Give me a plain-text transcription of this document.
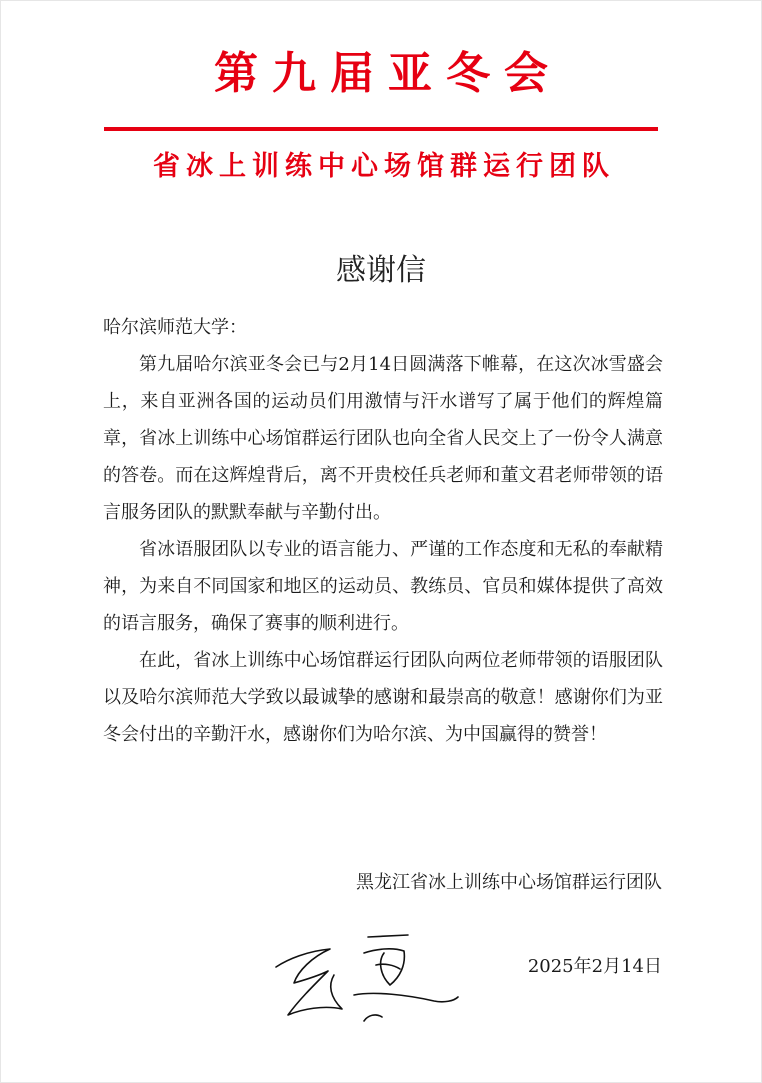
第九届亚冬会
省冰上训练中心场馆群运行团队
感谢信

哈尔滨师范大学：

第九届哈尔滨亚冬会已与2月14日圆满落下帷幕，在这次冰雪盛会上，来自亚洲各国的运动员们用激情与汗水谱写了属于他们的辉煌篇章，省冰上训练中心场馆群运行团队也向全省人民交上了一份令人满意的答卷。而在这辉煌背后，离不开贵校任兵老师和董文君老师带领的语言服务团队的默默奉献与辛勤付出。

省冰语服团队以专业的语言能力、严谨的工作态度和无私的奉献精神，为来自不同国家和地区的运动员、教练员、官员和媒体提供了高效的语言服务，确保了赛事的顺利进行。

在此，省冰上训练中心场馆群运行团队向两位老师带领的语服团队以及哈尔滨师范大学致以最诚挚的感谢和最崇高的敬意！感谢你们为亚冬会付出的辛勤汗水，感谢你们为哈尔滨、为中国赢得的赞誉！

黑龙江省冰上训练中心场馆群运行团队
2025年2月14日
